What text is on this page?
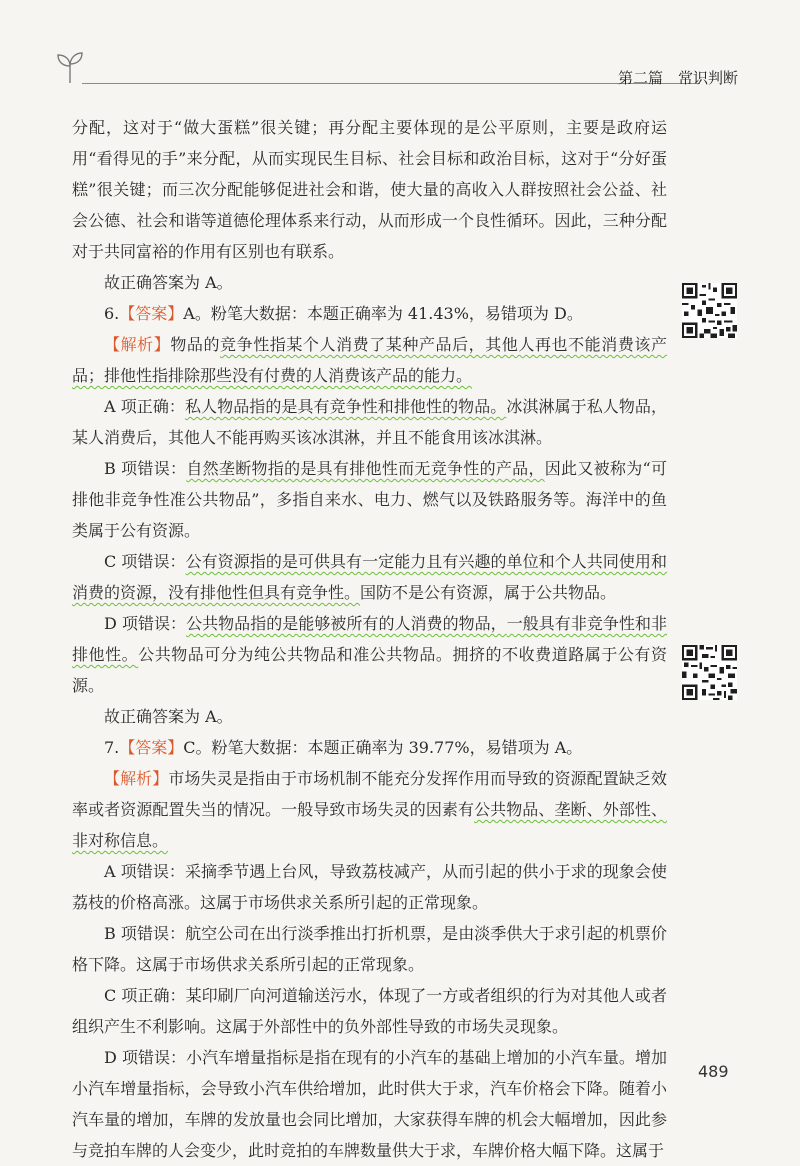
第二篇　常识判断

分配，这对于“做大蛋糕”很关键；再分配主要体现的是公平原则，主要是政府运用“看得见的手”来分配，从而实现民生目标、社会目标和政治目标，这对于“分好蛋糕”很关键；而三次分配能够促进社会和谐，使大量的高收入人群按照社会公益、社会公德、社会和谐等道德伦理体系来行动，从而形成一个良性循环。因此，三种分配对于共同富裕的作用有区别也有联系。

故正确答案为 A。

6.【答案】A。粉笔大数据：本题正确率为 41.43%，易错项为 D。

【解析】物品的竞争性指某个人消费了某种产品后，其他人再也不能消费该产品；排他性指排除那些没有付费的人消费该产品的能力。

A 项正确：私人物品指的是具有竞争性和排他性的物品。冰淇淋属于私人物品，某人消费后，其他人不能再购买该冰淇淋，并且不能食用该冰淇淋。

B 项错误：自然垄断物指的是具有排他性而无竞争性的产品，因此又被称为“可排他非竞争性准公共物品”，多指自来水、电力、燃气以及铁路服务等。海洋中的鱼类属于公有资源。

C 项错误：公有资源指的是可供具有一定能力且有兴趣的单位和个人共同使用和消费的资源，没有排他性但具有竞争性。国防不是公有资源，属于公共物品。

D 项错误：公共物品指的是能够被所有的人消费的物品，一般具有非竞争性和非排他性。公共物品可分为纯公共物品和准公共物品。拥挤的不收费道路属于公有资源。

故正确答案为 A。

7.【答案】C。粉笔大数据：本题正确率为 39.77%，易错项为 A。

【解析】市场失灵是指由于市场机制不能充分发挥作用而导致的资源配置缺乏效率或者资源配置失当的情况。一般导致市场失灵的因素有公共物品、垄断、外部性、非对称信息。

A 项错误：采摘季节遇上台风，导致荔枝减产，从而引起的供小于求的现象会使荔枝的价格高涨。这属于市场供求关系所引起的正常现象。

B 项错误：航空公司在出行淡季推出打折机票，是由淡季供大于求引起的机票价格下降。这属于市场供求关系所引起的正常现象。

C 项正确：某印刷厂向河道输送污水，体现了一方或者组织的行为对其他人或者组织产生不利影响。这属于外部性中的负外部性导致的市场失灵现象。

D 项错误：小汽车增量指标是指在现有的小汽车的基础上增加的小汽车量。增加小汽车增量指标，会导致小汽车供给增加，此时供大于求，汽车价格会下降。随着小汽车量的增加，车牌的发放量也会同比增加，大家获得车牌的机会大幅增加，因此参与竞拍车牌的人会变少，此时竞拍的车牌数量供大于求，车牌价格大幅下降。这属于

489
